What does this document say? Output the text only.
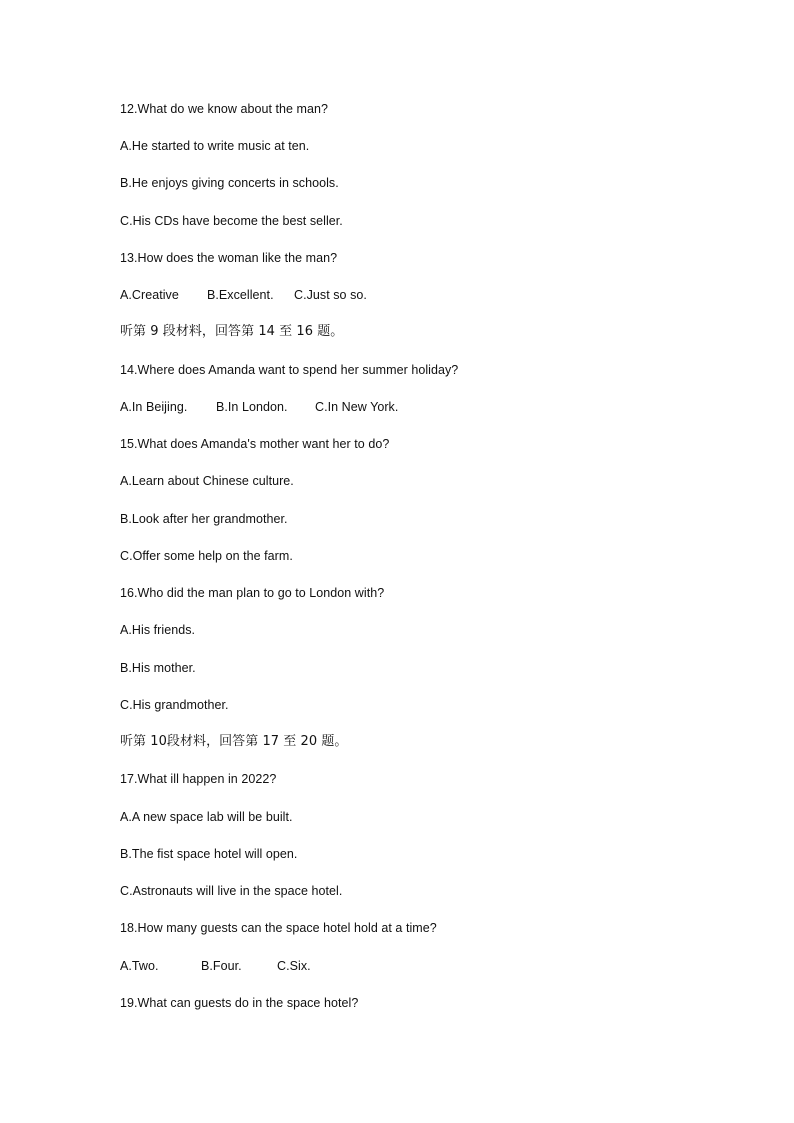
12.What do we know about the man?
A.He started to write music at ten.
B.He enjoys giving concerts in schools.
C.His CDs have become the best seller.
13.How does the woman like the man?
A.Creative B.Excellent. C.Just so so.
听第 9 段材料，回答第 14 至 16 题。
14.Where does Amanda want to spend her summer holiday?
A.In Beijing. B.In London. C.In New York.
15.What does Amanda's mother want her to do?
A.Learn about Chinese culture.
B.Look after her grandmother.
C.Offer some help on the farm.
16.Who did the man plan to go to London with?
A.His friends.
B.His mother.
C.His grandmother.
听第 10段材料，回答第 17 至 20 题。
17.What ill happen in 2022?
A.A new space lab will be built.
B.The fist space hotel will open.
C.Astronauts will live in the space hotel.
18.How many guests can the space hotel hold at a time?
A.Two.	B.Four.	C.Six.
19.What can guests do in the space hotel?
